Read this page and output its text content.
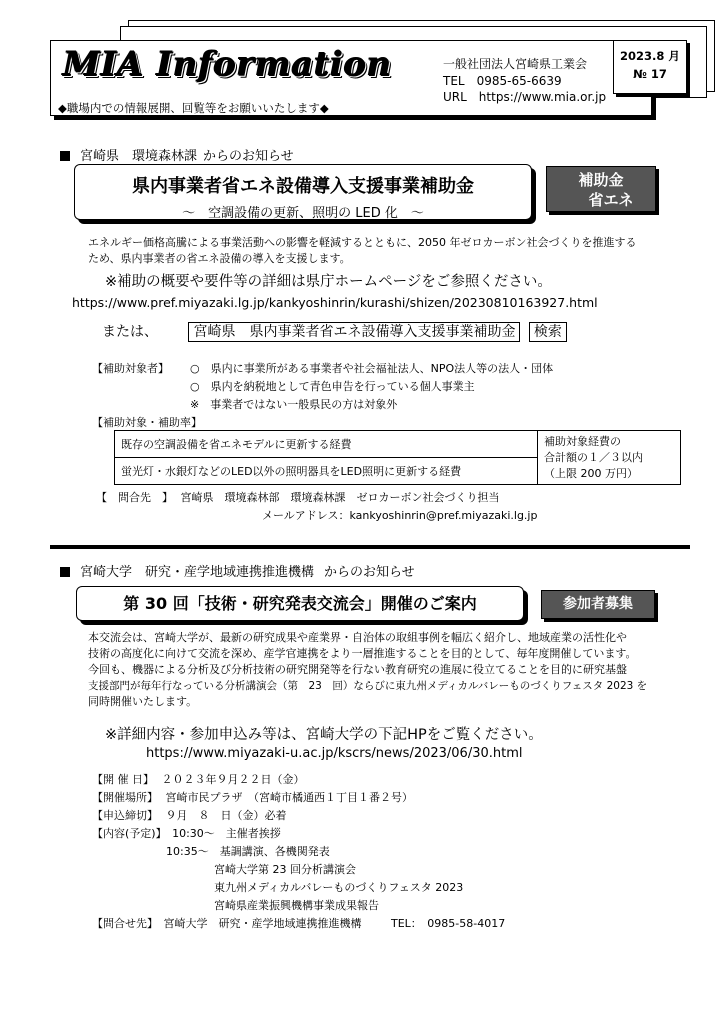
MIA Information
◆職場内での情報展開、回覧等をお願いいたします◆
一般社団法人宮崎県工業会
TEL　0985-65-6639
URL　https://www.mia.or.jp
2023.8 月
№ 17
宮崎県　環境森林課 からのお知らせ
県内事業者省エネ設備導入支援事業補助金
～　空調設備の更新、照明の LED 化　～
補助金
省エネ
エネルギー価格高騰による事業活動への影響を軽減するとともに、2050 年ゼロカーボン社会づくりを推進する
ため、県内事業者の省エネ設備の導入を支援します。
※補助の概要や要件等の詳細は県庁ホームページをご参照ください。
https://www.pref.miyazaki.lg.jp/kankyoshinrin/kurashi/shizen/20230810163927.html
または、	宮崎県　県内事業者省エネ設備導入支援事業補助金 検索
【補助対象者】 ○　県内に事業所がある事業者や社会福祉法人、NPO法人等の法人・団体
○　県内を納税地として青色申告を行っている個人事業主
※　事業者ではない一般県民の方は対象外
【補助対象・補助率】
既存の空調設備を省エネモデルに更新する経費	補助対象経費の
合計額の１／３以内
（上限 200 万円）

蛍光灯・水銀灯などのLED以外の照明器具をLED照明に更新する経費
【　問合先　】 宮崎県　環境森林部　環境森林課　ゼロカーボン社会づくり担当
メールアドレス：kankyoshinrin@pref.miyazaki.lg.jp
宮崎大学　研究・産学地域連携推進機構 からのお知らせ
第 30 回「技術・研究発表交流会」開催のご案内	参加者募集
本交流会は、宮崎大学が、最新の研究成果や産業界・自治体の取組事例を幅広く紹介し、地域産業の活性化や
技術の高度化に向けて交流を深め、産学官連携をより一層推進することを目的として、毎年度開催しています。
今回も、機器による分析及び分析技術の研究開発等を行ない教育研究の進展に役立てることを目的に研究基盤
支援部門が毎年行なっている分析講演会（第　23　回）ならびに東九州メディカルバレーものづくりフェスタ 2023 を
同時開催いたします。
※詳細内容・参加申込み等は、宮崎大学の下記HPをご覧ください。
https://www.miyazaki-u.ac.jp/kscrs/news/2023/06/30.html
【開 催 日】 ２０２３年９月２２日（金）
【開催場所】 宮崎市民プラザ　（宮崎市橘通西１丁目１番２号）
【申込締切】 ９月　８　日（金）必着
【内容(予定)】 10:30～　主催者挨拶
10:35～　基調講演、各機関発表
宮崎大学第 23 回分析講演会
東九州メディカルバレーものづくりフェスタ 2023
宮崎県産業振興機構事業成果報告
【問合せ先】 宮崎大学　研究・産学地域連携推進機構	TEL：　0985-58-4017
